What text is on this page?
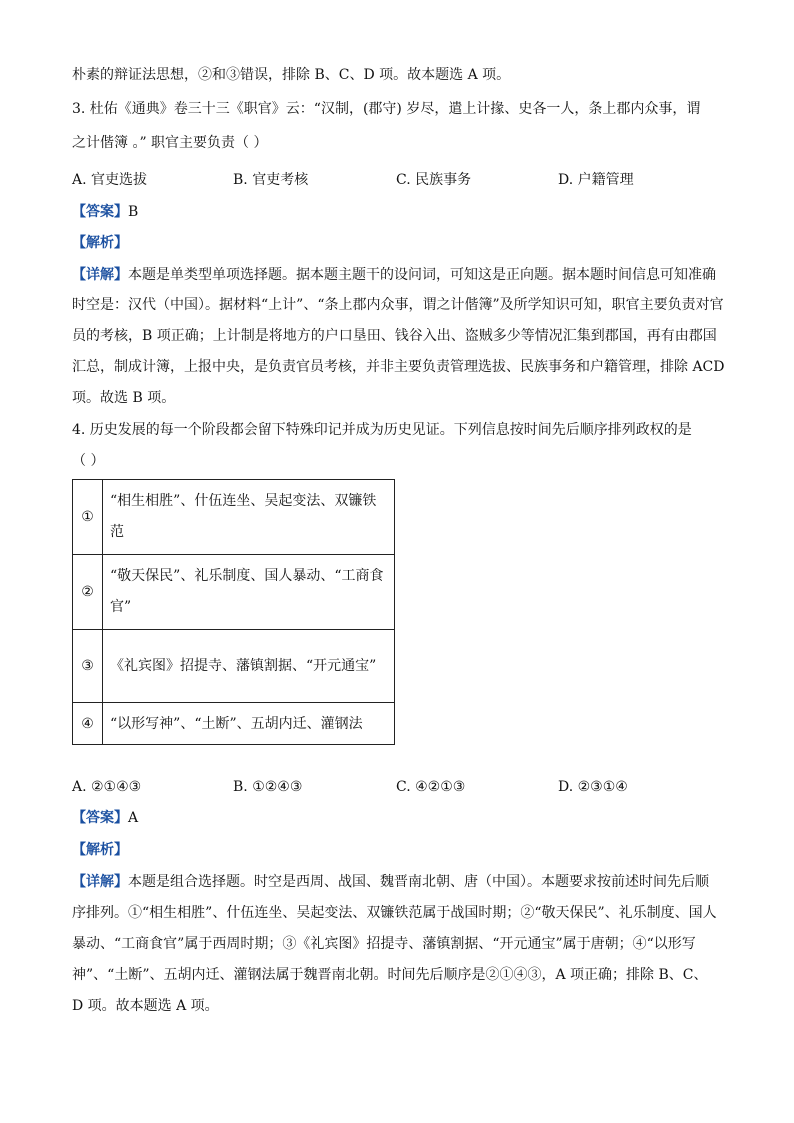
朴素的辩证法思想，②和③错误，排除 B、C、D 项。故本题选 A 项。
3. 杜佑《通典》卷三十三《职官》云：“汉制，(郡守) 岁尽，遣上计掾、史各一人，条上郡内众事，谓
之计偕簿 。” 职官主要负责（ ）
A. 官吏选拔	B. 官吏考核	C. 民族事务	D. 户籍管理
【答案】B
【解析】
【详解】本题是单类型单项选择题。据本题主题干的设问词，可知这是正向题。据本题时间信息可知准确
时空是：汉代（中国）。据材料“上计”、“条上郡内众事，谓之计偕簿”及所学知识可知，职官主要负责对官
员的考核，B 项正确；上计制是将地方的户口垦田、钱谷入出、盗贼多少等情况汇集到郡国，再有由郡国
汇总，制成计簿，上报中央，是负责官员考核，并非主要负责管理选拔、民族事务和户籍管理，排除 ACD
项。故选 B 项。
4. 历史发展的每一个阶段都会留下特殊印记并成为历史见证。下列信息按时间先后顺序排列政权的是
（ ）
①	“相生相胜”、什伍连坐、吴起变法、双镰铁范
②	“敬天保民”、礼乐制度、国人暴动、“工商食官”
③	《礼宾图》招提寺、藩镇割据、“开元通宝”
④	“以形写神”、“土断”、五胡内迁、灌钢法
A. ②①④③	B. ①②④③	C. ④②①③	D. ②③①④
【答案】A
【解析】
【详解】本题是组合选择题。时空是西周、战国、魏晋南北朝、唐（中国）。本题要求按前述时间先后顺
序排列。①“相生相胜”、什伍连坐、吴起变法、双镰铁范属于战国时期；②“敬天保民”、礼乐制度、国人
暴动、“工商食官”属于西周时期；③《礼宾图》招提寺、藩镇割据、“开元通宝”属于唐朝；④“以形写
神”、“土断”、五胡内迁、灌钢法属于魏晋南北朝。时间先后顺序是②①④③，A 项正确；排除 B、C、
D 项。故本题选 A 项。
